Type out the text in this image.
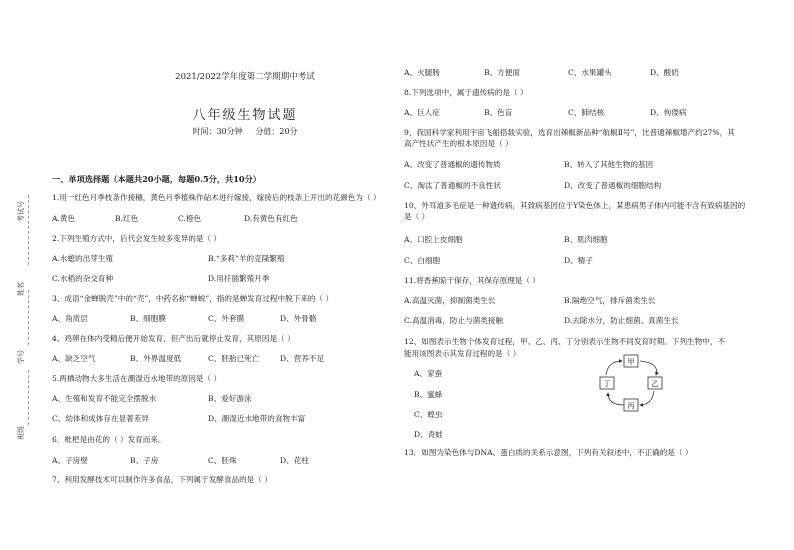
考试号
姓名
学号
班级
2021/2022学年度第二学期期中考试
八年级生物试题
时间：30分钟 分值：20分
一、单项选择题（本题共20小题，每题0.5分，共10分）
1.用一红色月季枝条作接穗，黄色月季植株作砧木进行嫁接，嫁接后的枝条上开出的花颜色为（ ）
A.黄色	B.红色	C.橙色	D.有黄色有红色
2.下列生殖方式中，后代会发生较多变异的是（ ）
A.水螅的出芽生殖	B.“多莉”羊的克隆繁殖
C.水稻的杂交育种	D.用扦插繁殖月季
3、成语“金蝉脱壳”中的“壳”，中药名称“蝉蜕”，指的是蝉发育过程中脱下来的（ ）
A、角质层	B、细胞膜	C、外套膜	D、外骨骼
4、鸡卵在体内受精后便开始发育，但产出后就停止发育，其原因是（ ）
A、缺乏空气	B、外界温度低	C、胚胎已死亡	D、营养不足
5.两栖动物大多生活在潮湿近水地带的原因是（ ）
A、生殖和发育不能完全摆脱水	B、爱好游泳
C、幼体和成体存在显著差异	D、潮湿近水地带的食物丰富
6．枇杷是由花的（ ）发育而来。
A、子房壁	B、子房	C、胚珠	D、花柱
7、利用发酵技术可以制作许多食品，下列属于发酵食品的是（ ）
A、火腿肠	B、方便面	C、水果罐头	D、酸奶
8.下列选项中，属于遗传病的是（ ）
A、巨人症	B、色盲	C、肺结核	D、佝偻病
9、我国科学家利用宇宙飞船搭载实验，选育出辣椒新品种“航椒Ⅱ号”，比普通辣椒增产约27%，其
高产性状产生的根本原因是（ ）
A、改变了普通椒的遗传物质	B、转入了其他生物的基因
C、淘汰了普通椒的不良性状	D、改变了普通椒的细胞结构
10、外耳道多毛症是一种遗传病，其致病基因位于Y染色体上，某患病男子体内可能不含有致病基因的
是（ ）
A、口腔上皮细胞	B、肌肉细胞
C、白细胞	D、精子
11.将香蕉晾干保存，其保存原理是（ ）
A.高温灭菌，抑制菌类生长	B.隔绝空气，排斥菌类生长
C.高温消毒，防止与菌类接触	D.去除水分，防止细菌、真菌生长
12、如图表示生物个体发育过程，甲、乙、丙、丁分别表示生物不同发育时期。下列生物中，不
能用该图表示其发育过程的是（ ）
A、家蚕
B、蜜蜂
C、蝗虫
D、青蛙
13．如图为染色体与DNA、蛋白质的关系示意图，下列有关叙述中，不正确的是（ ）
甲
乙
丙
丁
